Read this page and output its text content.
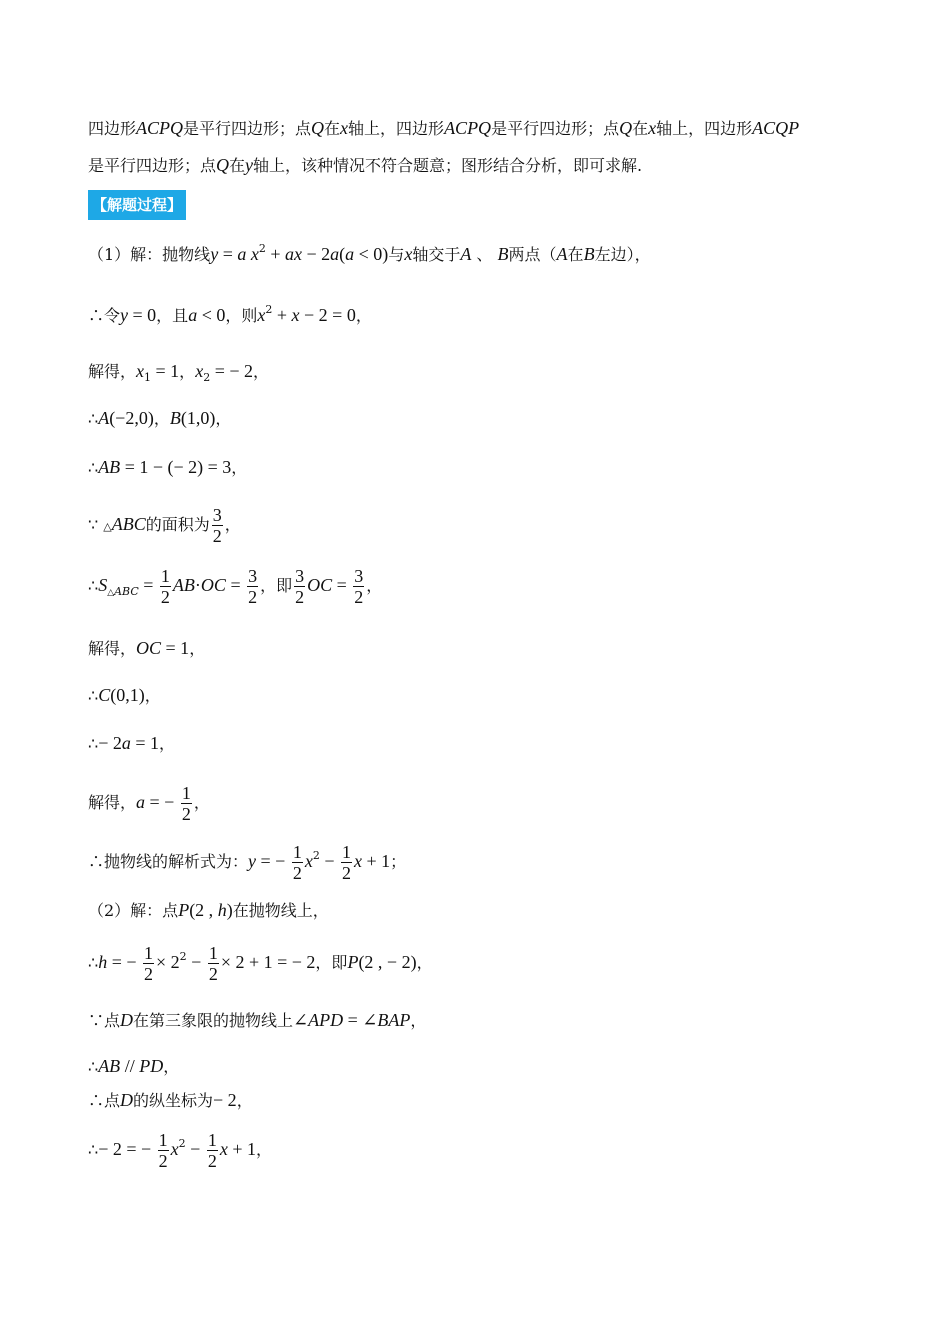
四边形ACPQ是平行四边形；点Q在x轴上，四边形ACPQ是平行四边形；点Q在x轴上，四边形ACQP
是平行四边形；点Q在y轴上，该种情况不符合题意；图形结合分析，即可求解.
【解题过程】
（1）解：抛物线y = a $x^2$ + ax − 2a(a < 0)与x轴交于A 、 B两点（A在B左边），
∴令y = 0，且a < 0，则$x^2 + x - 2 = 0$，
解得，$x_1 = 1$，$x_2$ = − 2，
∴A(−2,0)，B(1,0)，
∴AB = 1 − (− 2) = 3，
∵ △ABC的面积为 $\frac{3}{2}$ ，
$\therefore S_{\triangle ABC} = \frac{1}{2} AB\cdot OC = \frac{3}{2}$ ，即 $\frac{3}{2}$ OC = $\frac{3}{2}$ ，
解得，OC = 1，
∴C(0,1)，
∴− 2a = 1，
解得，a = − $\frac{1}{2}$ ，
∴抛物线的解析式为：y = − $\frac{1}{2} x^2 - \frac{1}{2}$ x + 1；
（2）解：点P(2 , h)在抛物线上，
∴h = − $\frac{1}{2} \times 2^2 - \frac{1}{2} \times 2 + 1$ = − 2，即P(2 , − 2)，
∵点D在第三象限的抛物线上∠APD = ∠BAP，
∴AB // PD，
∴点D的纵坐标为− 2，
∴− 2 = − $\frac{1}{2} x^2 - \frac{1}{2}$ x + 1，
